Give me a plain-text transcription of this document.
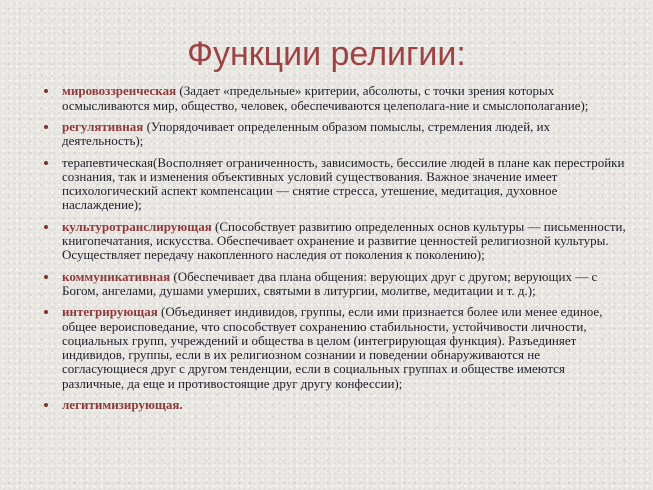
Функции религии:
мировоззренческая (Задает «предельные» критерии, абсолюты, с точки зрения которых осмысливаются мир, общество, человек, обеспечиваются целеполага-ние и смыслополагание);
регулятивная (Упорядочивает определенным образом помыслы, стремления людей, их деятельность);
терапевтическая(Восполняет ограниченность, зависимость, бессилие людей в плане как перестройки сознания, так и изменения объективных условий существования. Важное значение имеет психологический аспект компенсации — снятие стресса, утешение, медитация, духовное наслаждение);
культуротранслирующая (Способствует развитию определенных основ культуры — письменности, книгопечатания, искусства. Обеспечивает охранение и развитие ценностей религиозной культуры. Осуществляет передачу накопленного наследия от поколения к поколению);
коммуникативная (Обеспечивает два плана общения: верующих друг с другом; верующих — с Богом, ангелами, душами умерших, святыми в литургии, молитве, медитации и т. д.);
интегрирующая (Объединяет индивидов, группы, если ими признается более или менее единое, общее вероисповедание, что способствует сохранению стабильности, устойчивости личности, социальных групп, учреждений и общества в целом (интегрирующая функция). Разъединяет индивидов, группы, если в их религиозном сознании и поведении обнаруживаются не согласующиеся друг с другом тенденции, если в социальных группах и обществе имеются различные, да еще и противостоящие друг другу конфессии);
легитимизирующая.
